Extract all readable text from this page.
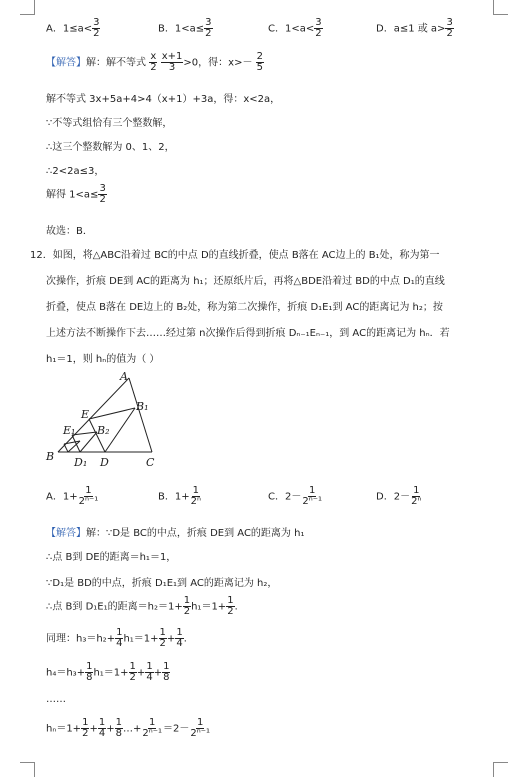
A．$1\le a< \frac{3}{2}$	B．$1<a\le \frac{3}{2}$	C．$1<a< \frac{3}{2}$	D．a≤1 或 $a> \frac{3}{2}$
【解答】解：解不等式 $\frac{x}{2}$
$\frac{x+1}{3} >0$，得：$x>- \frac{2}{5}$
解不等式 3x+5a+4>4（x+1）+3a，得：x<2a，
∵不等式组恰有三个整数解，
∴这三个整数解为 0、1、2，
∴2<2a≤3，
解得 $1<a\le \frac{3}{2}$
故选：B．
12．如图，将△ABC沿着过 BC的中点 D的直线折叠，使点 B落在 AC边上的 B₁处，称为第一
次操作，折痕 DE到 AC的距离为 h₁；还原纸片后，再将△BDE沿着过 BD的中点 D₁的直线
折叠，使点 B落在 DE边上的 B₂处，称为第二次操作，折痕 D₁E₁到 AC的距离记为 h₂；按
上述方法不断操作下去……经过第 n次操作后得到折痕 Dₙ₋₁Eₙ₋₁，到 AC的距离记为 hₙ．若
h₁＝1，则 hₙ的值为（ ）
A
B	C
D
E
B₁
B₂
E₁
D₁
A．$1+ \frac{1}{\text{2ⁿ⁻¹}}$	B．$1+ \frac{1}{\text{2ⁿ}}$	C．$2- \frac{1}{\text{2ⁿ⁻¹}}$	D．$2- \frac{1}{\text{2ⁿ}}$
【解答】解：∵D是 BC的中点，折痕 DE到 AC的距离为 h₁
∴点 B到 DE的距离＝h₁＝1，
∵D₁是 BD的中点，折痕 D₁E₁到 AC的距离记为 h₂，
∴点 B到 D₁E₁的距离$=h_2=1+ \frac{1}{2} h_1=1+ \frac{1}{2}$ ．
同理：$h_3=h_2+ \frac{1}{4} h_1=1+ \frac{1}{2} + \frac{1}{4}$ ．
$h_4=h_3+ \frac{1}{8} h_1=1+ \frac{1}{2} + \frac{1}{4} + \frac{1}{8}$
……
$h_n=1+ \frac{1}{2} + \frac{1}{4} + \frac{1}{8}$ …+ $\frac{1}{\text{2ⁿ⁻¹}} =2- \frac{1}{\text{2ⁿ⁻¹}}$
